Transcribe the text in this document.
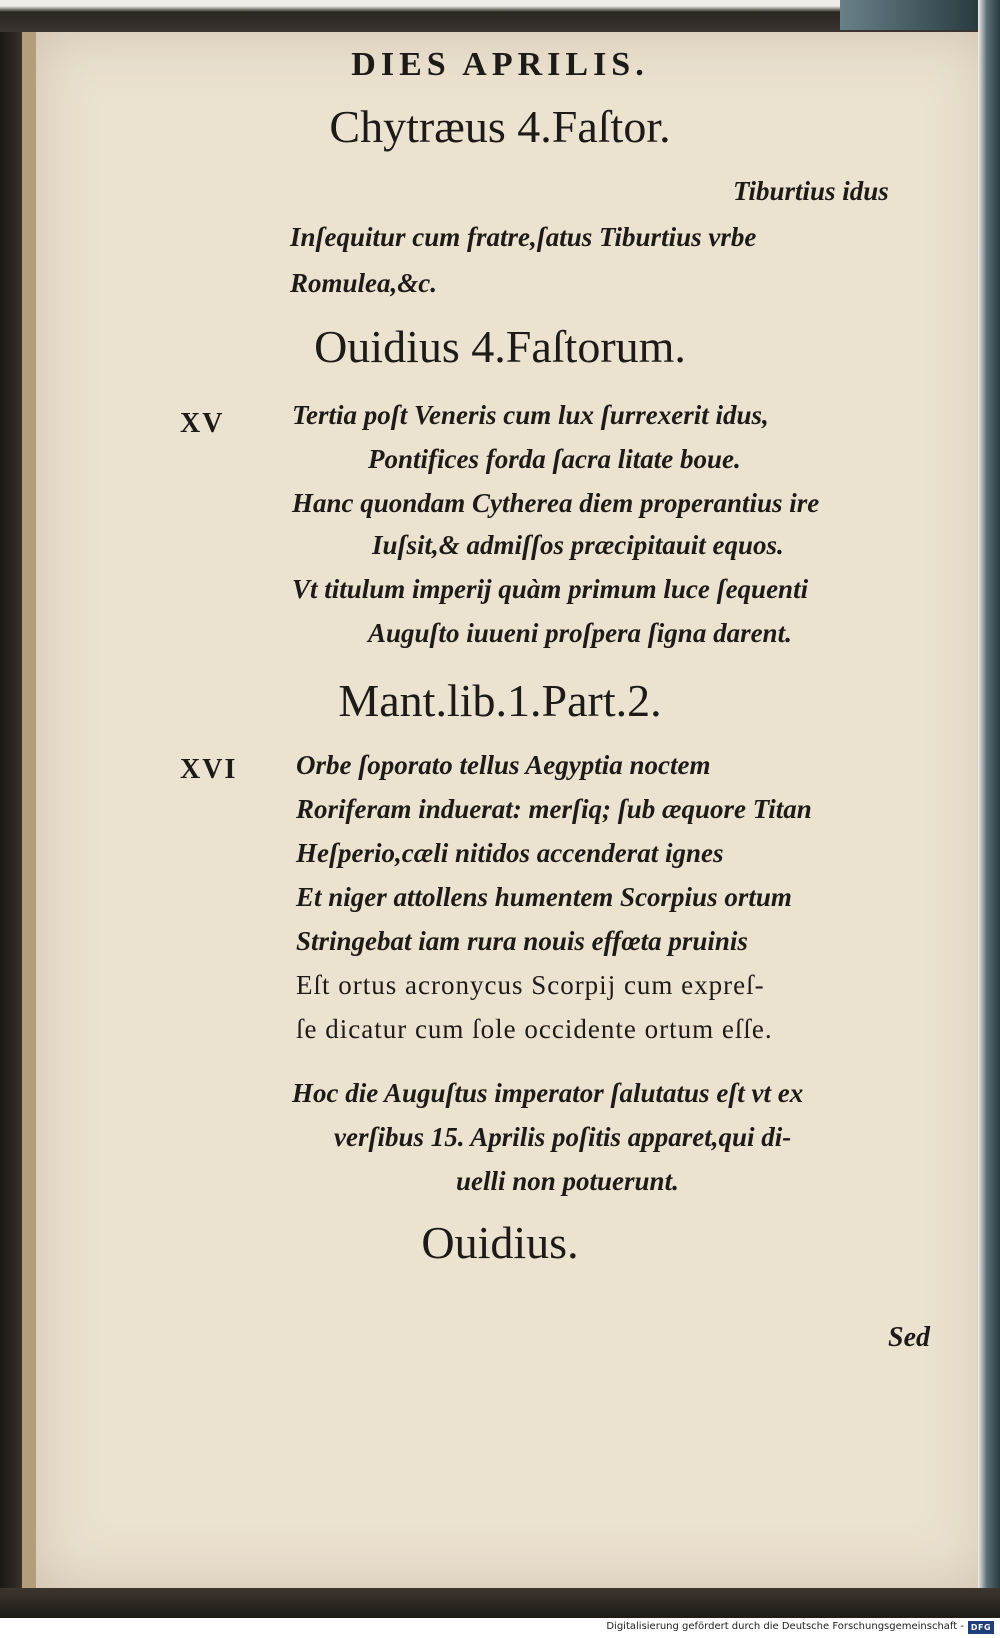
DIES APRILIS.
Chytræus 4.Faſtor.
Tiburtius idus
Inſequitur cum fratre,ſatus Tiburtius vrbe
Romulea,&c.
Ouidius 4.Faſtorum.
XV	Tertia poſt Veneris cum lux ſurrexerit idus,
Pontifices forda ſacra litate boue.
Hanc quondam Cytherea diem properantius ire
Iuſsit,& admiſſos præcipitauit equos.
Vt titulum imperij quàm primum luce ſequenti
Auguſto iuueni proſpera ſigna darent.
Mant.lib.1.Part.2.
XVI Orbe ſoporato tellus Aegyptia noctem
Roriferam induerat: merſiq; ſub æquore Titan
Heſperio,cæli nitidos accenderat ignes
Et niger attollens humentem Scorpius ortum
Stringebat iam rura nouis effœta pruinis
Eſt ortus acronycus Scorpij cum expreſ-
ſe dicatur cum ſole occidente ortum eſſe.
Hoc die Auguſtus imperator ſalutatus eſt vt ex
verſibus 15. Aprilis poſitis apparet,qui di-
uelli non potuerunt.
Ouidius.
Sed
Digitalisierung gefördert durch die Deutsche Forschungsgemeinschaft - DFG
